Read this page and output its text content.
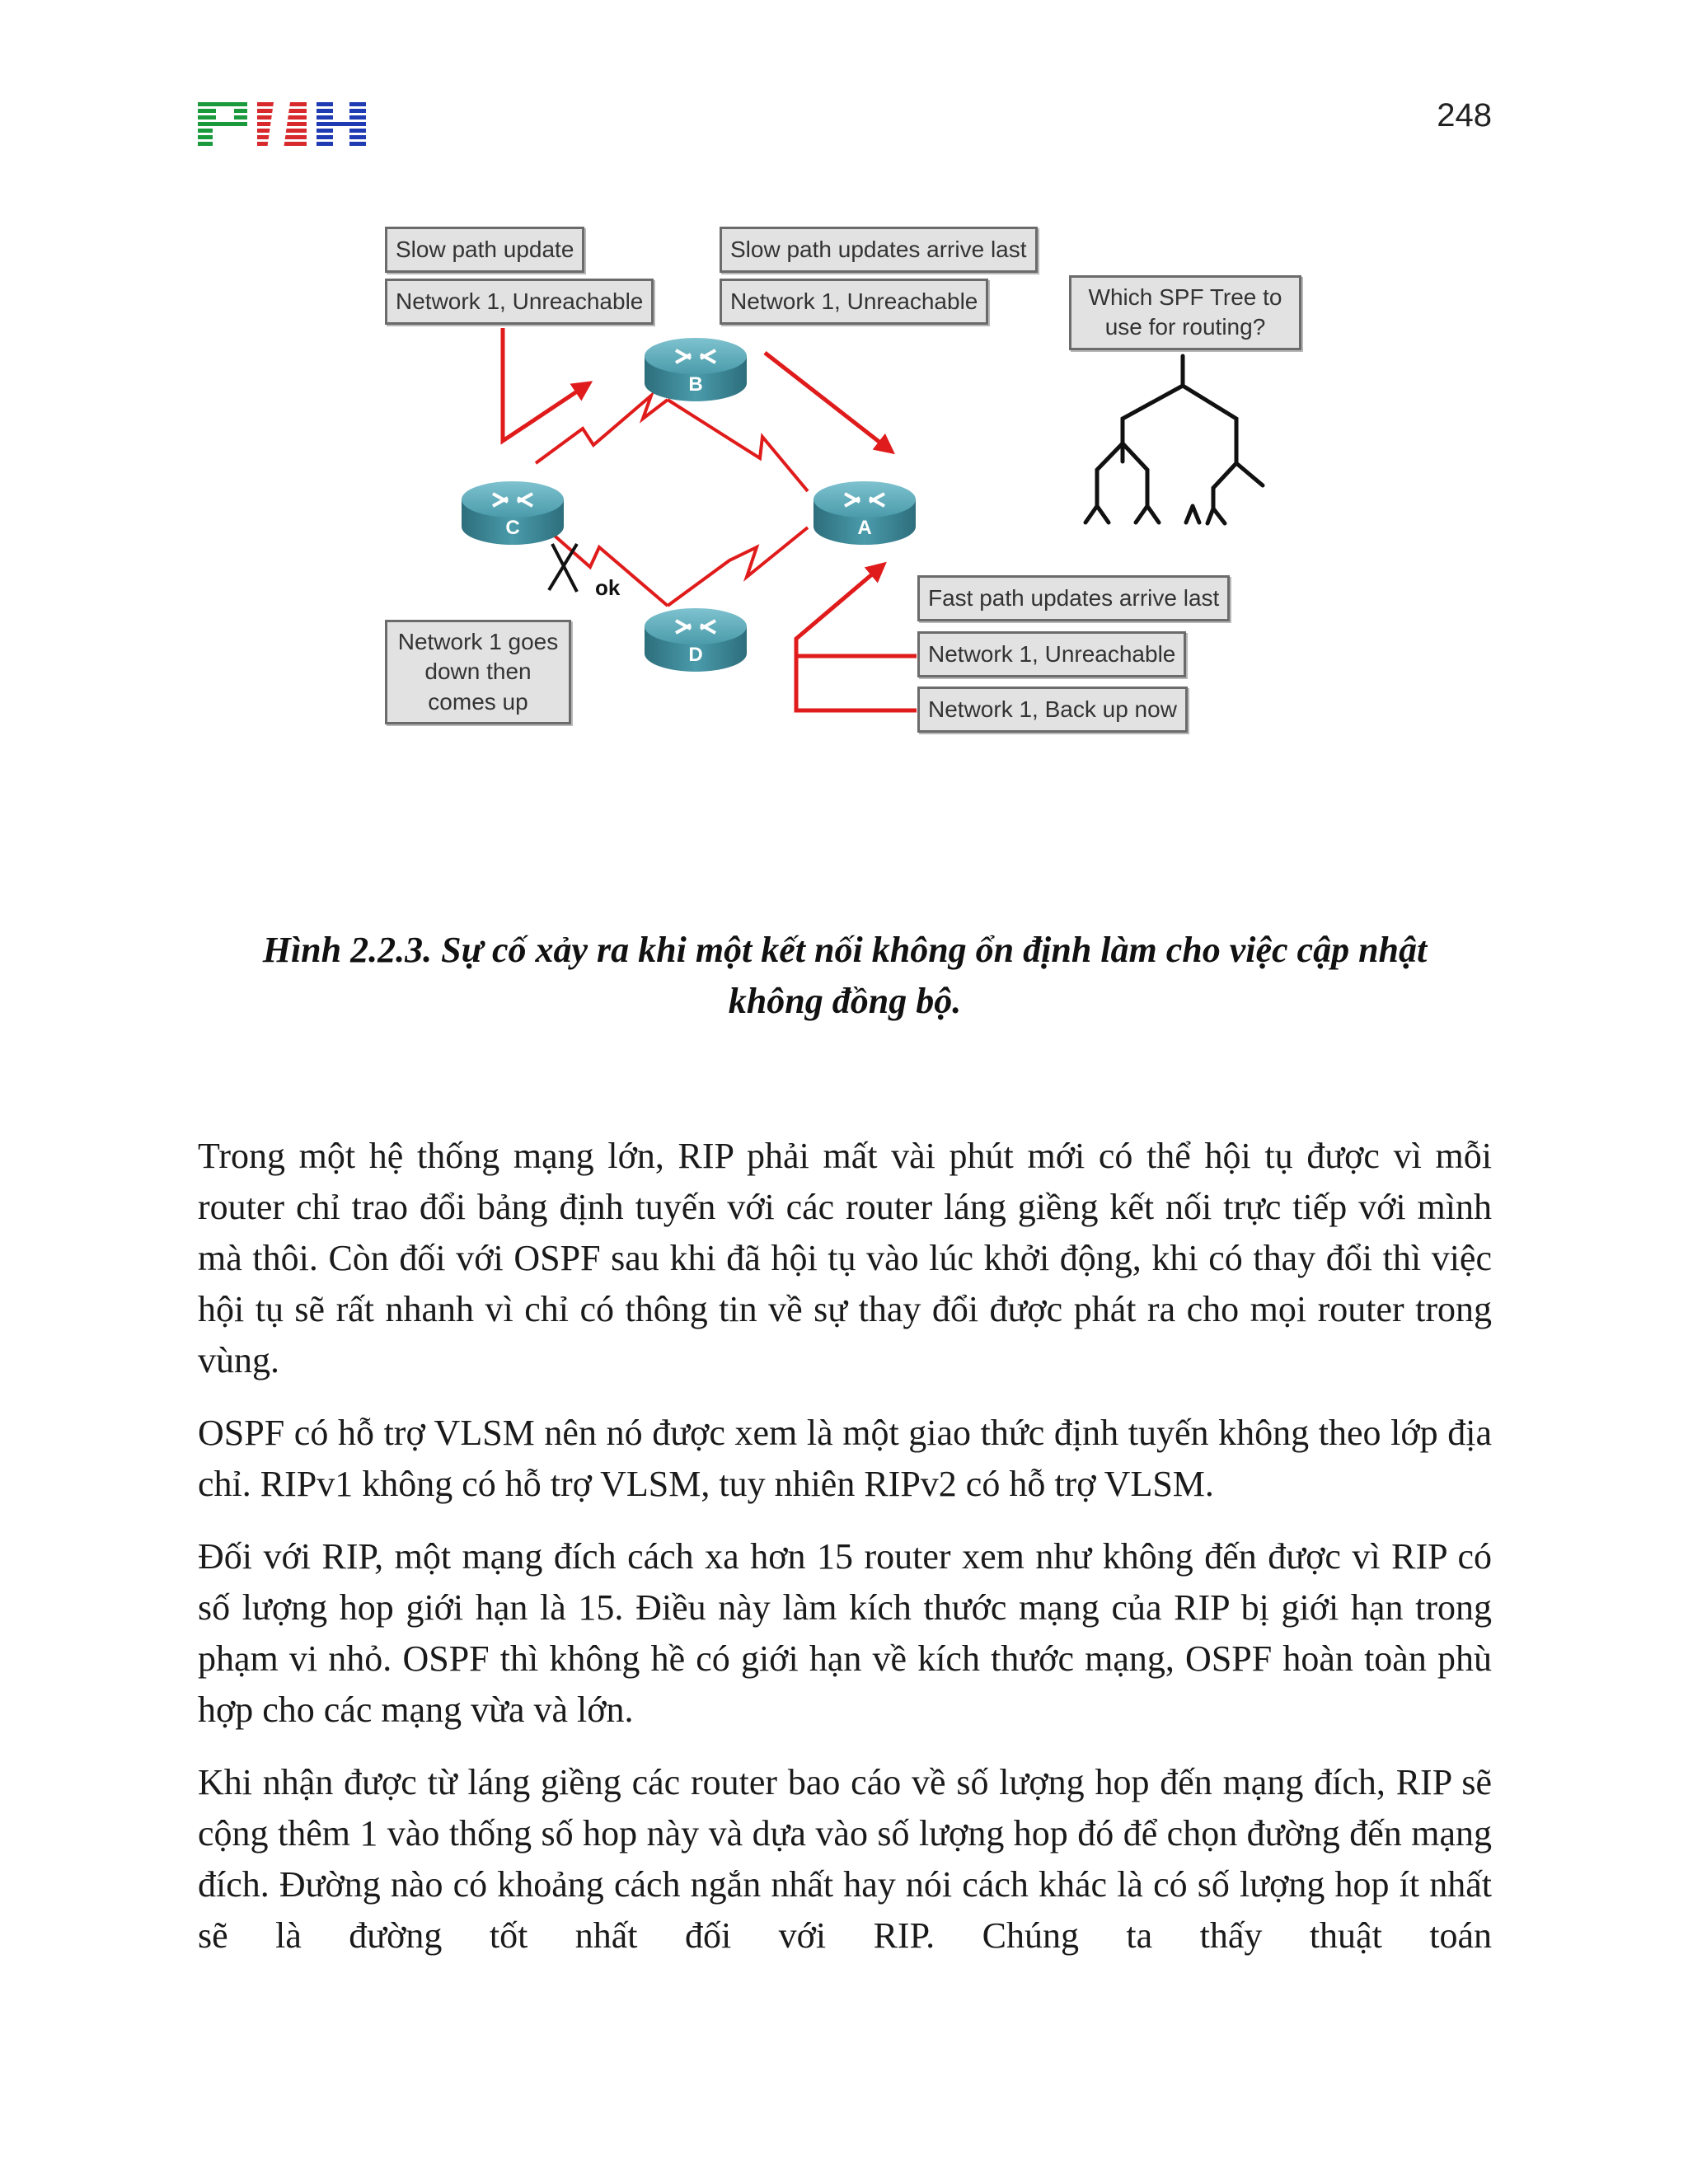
248
B
A
C
D
ok
Slow path update
Network 1, Unreachable
Slow path updates arrive last
Network 1, Unreachable	Which SPF Tree to use for routing?
Network 1 goes down then comes up
Fast path updates arrive last
Network 1, Unreachable
Network 1, Back up now
Hình 2.2.3. Sự cố xảy ra khi một kết nối không ổn định làm cho việc cập nhật
không đồng bộ.

Trong một hệ thống mạng lớn, RIP phải mất vài phút mới có thể hội tụ được vì mỗi router chỉ trao đổi bảng định tuyến với các router láng giềng kết nối trực tiếp với mình mà thôi. Còn đối với OSPF sau khi đã hội tụ vào lúc khởi động, khi có thay đổi thì việc hội tụ sẽ rất nhanh vì chỉ có thông tin về sự thay đổi được phát ra cho mọi router trong vùng.

OSPF có hỗ trợ VLSM nên nó được xem là một giao thức định tuyến không theo lớp địa chỉ. RIPv1 không có hỗ trợ VLSM, tuy nhiên RIPv2 có hỗ trợ VLSM.

Đối với RIP, một mạng đích cách xa hơn 15 router xem như không đến được vì RIP có số lượng hop giới hạn là 15. Điều này làm kích thước mạng của RIP bị giới hạn trong phạm vi nhỏ. OSPF thì không hề có giới hạn về kích thước mạng, OSPF hoàn toàn phù hợp cho các mạng vừa và lớn.

Khi nhận được từ láng giềng các router bao cáo về số lượng hop đến mạng đích, RIP sẽ cộng thêm 1 vào thống số hop này và dựa vào số lượng hop đó để chọn đường đến mạng đích. Đường nào có khoảng cách ngắn nhất hay nói cách khác là có số lượng hop ít nhất sẽ là đường tốt nhất đối với RIP. Chúng ta thấy thuật toán
